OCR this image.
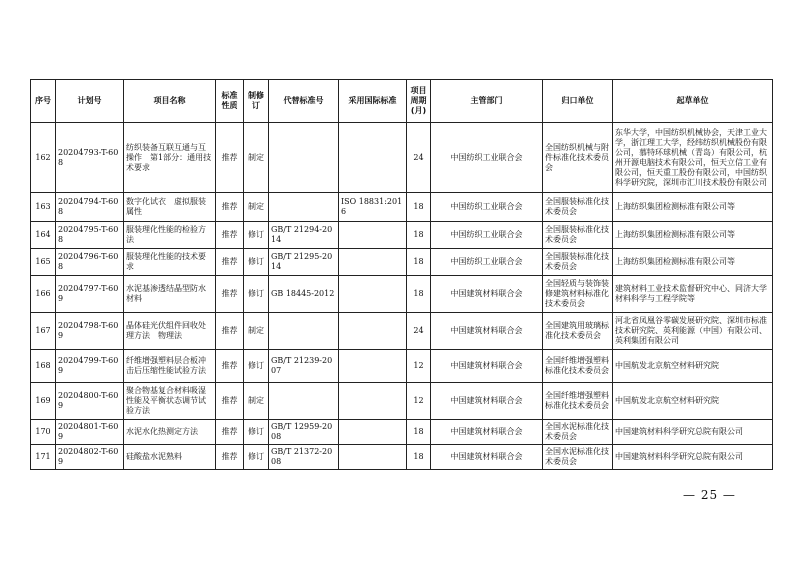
序号	计划号	项目名称	标准性质	制修订	代替标准号	采用国际标准	项目周期(月)	主管部门	归口单位	起草单位
162	20204793-T-608	纺织装备互联互通与互操作　第1部分：通用技术要求	推荐	制定			24	中国纺织工业联合会	全国纺织机械与附件标准化技术委员会	东华大学，中国纺织机械协会，天津工业大学，浙江理工大学，经纬纺织机械股份有限公司，慕特环球机械（青岛）有限公司，杭州开源电脑技术有限公司，恒天立信工业有限公司，恒天重工股份有限公司，中国纺织科学研究院，深圳市汇川技术股份有限公司
163	20204794-T-608	数字化试衣　虚拟服装属性	推荐	制定		ISO 18831:2016	18	中国纺织工业联合会	全国服装标准化技术委员会	上海纺织集团检测标准有限公司等
164	20204795-T-608	服装理化性能的检验方法	推荐	修订	GB/T 21294-2014		18	中国纺织工业联合会	全国服装标准化技术委员会	上海纺织集团检测标准有限公司等
165	20204796-T-608	服装理化性能的技术要求	推荐	修订	GB/T 21295-2014		18	中国纺织工业联合会	全国服装标准化技术委员会	上海纺织集团检测标准有限公司等
166	20204797-T-609	水泥基渗透结晶型防水材料	推荐	修订	GB 18445-2012		18	中国建筑材料联合会	全国轻质与装饰装修建筑材料标准化技术委员会	建筑材料工业技术监督研究中心、同济大学材料科学与工程学院等
167	20204798-T-609	晶体硅光伏组件回收处理方法　物理法	推荐	制定			24	中国建筑材料联合会	全国建筑用玻璃标准化技术委员会	河北省凤凰谷零碳发展研究院、深圳市标准技术研究院、英利能源（中国）有限公司、英利集团有限公司
168	20204799-T-609	纤维增强塑料层合板冲击后压缩性能试验方法	推荐	修订	GB/T 21239-2007		12	中国建筑材料联合会	全国纤维增强塑料标准化技术委员会	中国航发北京航空材料研究院
169	20204800-T-609	聚合物基复合材料吸湿性能及平衡状态调节试验方法	推荐	制定			12	中国建筑材料联合会	全国纤维增强塑料标准化技术委员会	中国航发北京航空材料研究院
170	20204801-T-609	水泥水化热测定方法	推荐	修订	GB/T 12959-2008		18	中国建筑材料联合会	全国水泥标准化技术委员会	中国建筑材料科学研究总院有限公司
171	20204802-T-609	硅酸盐水泥熟料	推荐	修订	GB/T 21372-2008		18	中国建筑材料联合会	全国水泥标准化技术委员会	中国建筑材料科学研究总院有限公司
— 25 —
